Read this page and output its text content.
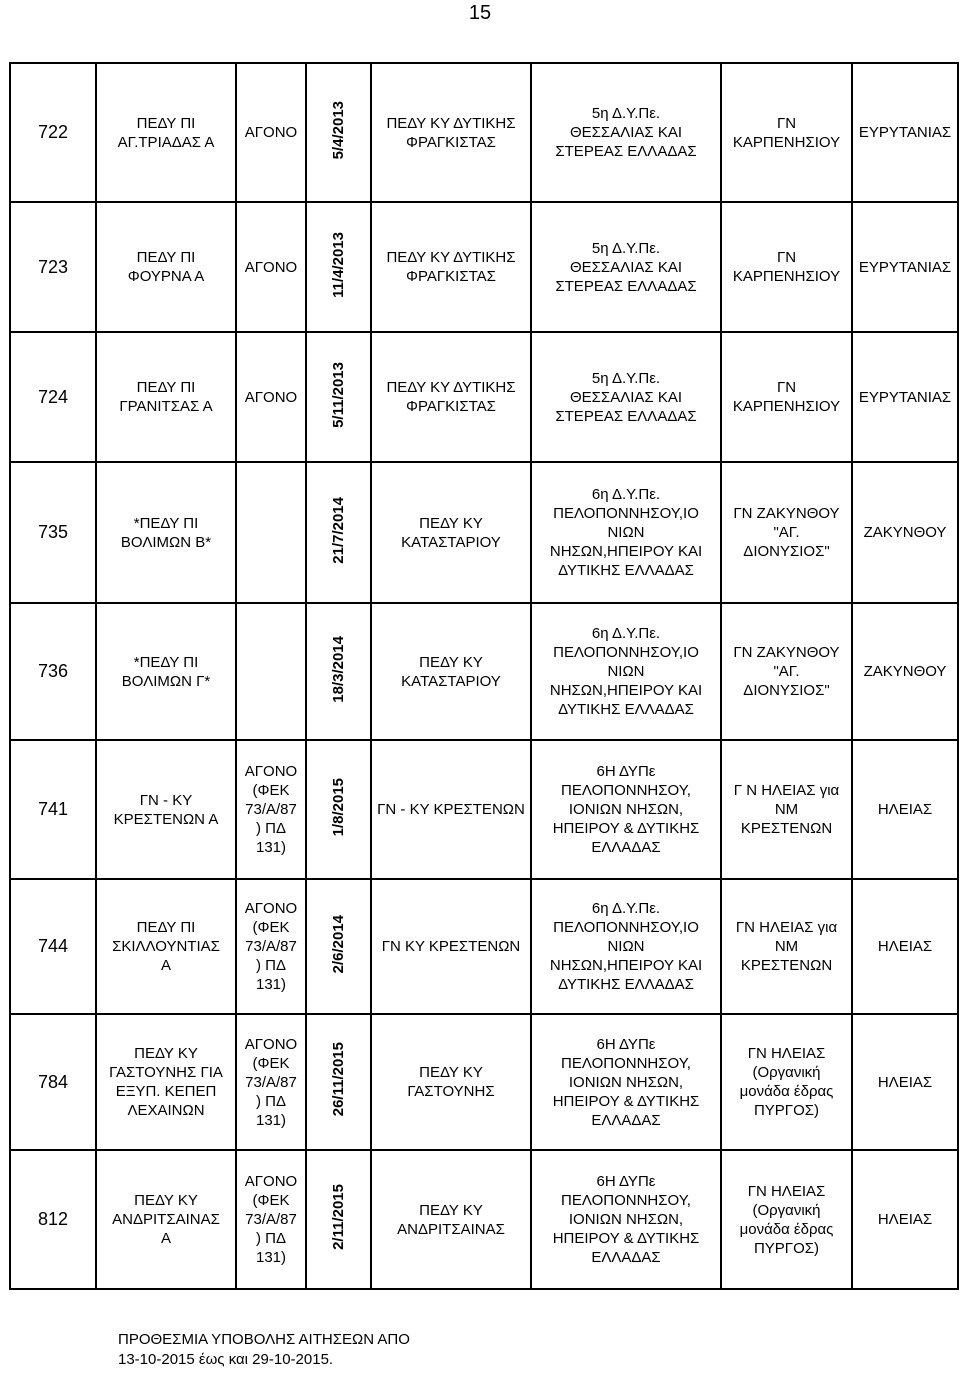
15
722	ΠΕΔΥ ΠΙ
ΑΓ.ΤΡΙΑΔΑΣ Α	ΑΓΟΝΟ	5/4/2013	ΠΕΔΥ ΚΥ ΔΥΤΙΚΗΣ
ΦΡΑΓΚΙΣΤΑΣ	5η Δ.Υ.Πε.
ΘΕΣΣΑΛΙΑΣ ΚΑΙ
ΣΤΕΡΕΑΣ ΕΛΛΑΔΑΣ	ΓΝ
ΚΑΡΠΕΝΗΣΙΟΥ	ΕΥΡΥΤΑΝΙΑΣ
723	ΠΕΔΥ ΠΙ
ΦΟΥΡΝΑ Α	ΑΓΟΝΟ	11/4/2013	ΠΕΔΥ ΚΥ ΔΥΤΙΚΗΣ
ΦΡΑΓΚΙΣΤΑΣ	5η Δ.Υ.Πε.
ΘΕΣΣΑΛΙΑΣ ΚΑΙ
ΣΤΕΡΕΑΣ ΕΛΛΑΔΑΣ	ΓΝ
ΚΑΡΠΕΝΗΣΙΟΥ	ΕΥΡΥΤΑΝΙΑΣ
724	ΠΕΔΥ ΠΙ
ΓΡΑΝΙΤΣΑΣ Α	ΑΓΟΝΟ	5/11/2013	ΠΕΔΥ ΚΥ ΔΥΤΙΚΗΣ
ΦΡΑΓΚΙΣΤΑΣ	5η Δ.Υ.Πε.
ΘΕΣΣΑΛΙΑΣ ΚΑΙ
ΣΤΕΡΕΑΣ ΕΛΛΑΔΑΣ	ΓΝ
ΚΑΡΠΕΝΗΣΙΟΥ	ΕΥΡΥΤΑΝΙΑΣ
735	*ΠΕΔΥ ΠΙ
ΒΟΛΙΜΩΝ Β*		21/7/2014	ΠΕΔΥ ΚΥ
ΚΑΤΑΣΤΑΡΙΟΥ	6η Δ.Υ.Πε.
ΠΕΛΟΠΟΝΝΗΣΟΥ,ΙΟ
ΝΙΩΝ
ΝΗΣΩΝ,ΗΠΕΙΡΟΥ ΚΑΙ
ΔΥΤΙΚΗΣ ΕΛΛΑΔΑΣ	ΓΝ ΖΑΚΥΝΘΟΥ
"ΑΓ.
ΔΙΟΝΥΣΙΟΣ"	ΖΑΚΥΝΘΟΥ
736	*ΠΕΔΥ ΠΙ
ΒΟΛΙΜΩΝ Γ*		18/3/2014	ΠΕΔΥ ΚΥ
ΚΑΤΑΣΤΑΡΙΟΥ	6η Δ.Υ.Πε.
ΠΕΛΟΠΟΝΝΗΣΟΥ,ΙΟ
ΝΙΩΝ
ΝΗΣΩΝ,ΗΠΕΙΡΟΥ ΚΑΙ
ΔΥΤΙΚΗΣ ΕΛΛΑΔΑΣ	ΓΝ ΖΑΚΥΝΘΟΥ
"ΑΓ.
ΔΙΟΝΥΣΙΟΣ"	ΖΑΚΥΝΘΟΥ
741	ΓΝ - ΚΥ
ΚΡΕΣΤΕΝΩΝ Α	ΑΓΟΝΟ
(ΦΕΚ
73/Α/87
) ΠΔ
131)	1/8/2015	ΓΝ - ΚΥ ΚΡΕΣΤΕΝΩΝ	6Η ΔΥΠε
ΠΕΛΟΠΟΝΝΗΣΟΥ,
ΙΟΝΙΩΝ ΝΗΣΩΝ,
ΗΠΕΙΡΟΥ & ΔΥΤΙΚΗΣ
ΕΛΛΑΔΑΣ	Γ Ν ΗΛΕΙΑΣ για
ΝΜ
ΚΡΕΣΤΕΝΩΝ	ΗΛΕΙΑΣ
744	ΠΕΔΥ ΠΙ
ΣΚΙΛΛΟΥΝΤΙΑΣ
Α	ΑΓΟΝΟ
(ΦΕΚ
73/Α/87
) ΠΔ
131)	2/6/2014	ΓΝ ΚΥ ΚΡΕΣΤΕΝΩΝ	6η Δ.Υ.Πε.
ΠΕΛΟΠΟΝΝΗΣΟΥ,ΙΟ
ΝΙΩΝ
ΝΗΣΩΝ,ΗΠΕΙΡΟΥ ΚΑΙ
ΔΥΤΙΚΗΣ ΕΛΛΑΔΑΣ	ΓΝ ΗΛΕΙΑΣ για
ΝΜ
ΚΡΕΣΤΕΝΩΝ	ΗΛΕΙΑΣ
784	ΠΕΔΥ ΚΥ
ΓΑΣΤΟΥΝΗΣ ΓΙΑ
ΕΞΥΠ. ΚΕΠΕΠ
ΛΕΧΑΙΝΩΝ	ΑΓΟΝΟ
(ΦΕΚ
73/Α/87
) ΠΔ
131)	26/11/2015	ΠΕΔΥ ΚΥ
ΓΑΣΤΟΥΝΗΣ	6Η ΔΥΠε
ΠΕΛΟΠΟΝΝΗΣΟΥ,
ΙΟΝΙΩΝ ΝΗΣΩΝ,
ΗΠΕΙΡΟΥ & ΔΥΤΙΚΗΣ
ΕΛΛΑΔΑΣ	ΓΝ ΗΛΕΙΑΣ
(Οργανική
μονάδα έδρας
ΠΥΡΓΟΣ)	ΗΛΕΙΑΣ
812	ΠΕΔΥ ΚΥ
ΑΝΔΡΙΤΣΑΙΝΑΣ
Α	ΑΓΟΝΟ
(ΦΕΚ
73/Α/87
) ΠΔ
131)	2/11/2015	ΠΕΔΥ ΚΥ
ΑΝΔΡΙΤΣΑΙΝΑΣ	6Η ΔΥΠε
ΠΕΛΟΠΟΝΝΗΣΟΥ,
ΙΟΝΙΩΝ ΝΗΣΩΝ,
ΗΠΕΙΡΟΥ & ΔΥΤΙΚΗΣ
ΕΛΛΑΔΑΣ	ΓΝ ΗΛΕΙΑΣ
(Οργανική
μονάδα έδρας
ΠΥΡΓΟΣ)	ΗΛΕΙΑΣ
ΠΡΟΘΕΣΜΙΑ ΥΠΟΒΟΛΗΣ ΑΙΤΗΣΕΩΝ ΑΠΟ
13-10-2015 έως και 29-10-2015.
